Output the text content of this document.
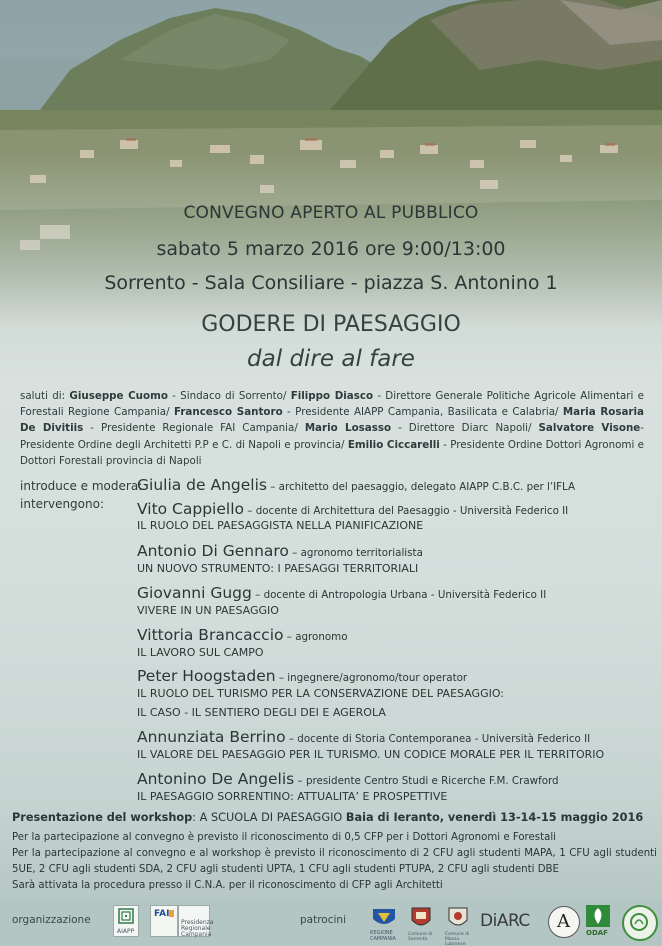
CONVEGNO APERTO AL PUBBLICO
sabato 5 marzo 2016 ore 9:00/13:00
Sorrento - Sala Consiliare - piazza S. Antonino 1
GODERE DI PAESAGGIO
dal dire al fare
saluti di: Giuseppe Cuomo - Sindaco di Sorrento/ Filippo Diasco - Direttore Generale Politiche Agricole Alimentari e Forestali Regione Campania/ Francesco Santoro - Presidente AIAPP Campania, Basilicata e Calabria/ Maria Rosaria De Divitiis - Presidente Regionale FAI Campania/ Mario Losasso - Direttore Diarc Napoli/ Salvatore Visone- Presidente Ordine degli Architetti P.P e C. di Napoli e provincia/ Emilio Ciccarelli - Presidente Ordine Dottori Agronomi e Dottori Forestali provincia di Napoli
introduce e modera:
intervengono:
Giulia de Angelis – architetto del paesaggio, delegato AIAPP C.B.C. per l’IFLA
Vito Cappiello – docente di Architettura del Paesaggio - Università Federico II
IL RUOLO DEL PAESAGGISTA NELLA PIANIFICAZIONE
Antonio Di Gennaro – agronomo territorialista
UN NUOVO STRUMENTO: I PAESAGGI TERRITORIALI
Giovanni Gugg – docente di Antropologia Urbana - Università Federico II
VIVERE IN UN PAESAGGIO
Vittoria Brancaccio – agronomo
IL LAVORO SUL CAMPO
Peter Hoogstaden – ingegnere/agronomo/tour operator
IL RUOLO DEL TURISMO PER LA CONSERVAZIONE DEL PAESAGGIO:
IL CASO - IL SENTIERO DEGLI DEI E AGEROLA
Annunziata Berrino – docente di Storia Contemporanea - Università Federico II
IL VALORE DEL PAESAGGIO PER IL TURISMO. UN CODICE MORALE PER IL TERRITORIO
Antonino De Angelis – presidente Centro Studi e Ricerche F.M. Crawford
IL PAESAGGIO SORRENTINO: ATTUALITA’ E PROSPETTIVE
Presentazione del workshop: A SCUOLA DI PAESAGGIO Baia di Ieranto, venerdì 13-14-15 maggio 2016
Per la partecipazione al convegno è previsto il riconoscimento di 0,5 CFP per i Dottori Agronomi e Forestali
Per la partecipazione al convegno e al workshop è previsto il riconoscimento di 2 CFU agli studenti MAPA, 1 CFU agli studenti 5UE, 2 CFU agli studenti SDA, 2 CFU agli studenti UPTA, 1 CFU agli studenti PTUPA, 2 CFU agli studenti DBE
Sarà attivata la procedura presso il C.N.A. per il riconoscimento di CFP agli Architetti
organizzazione	patrocini
AIAPP
FAI
Presidenza Regionale Campania	REGIONE CAMPANIA
Comune di Sorrento
Comune di Massa Lubrense
DiARC A
ODAF
